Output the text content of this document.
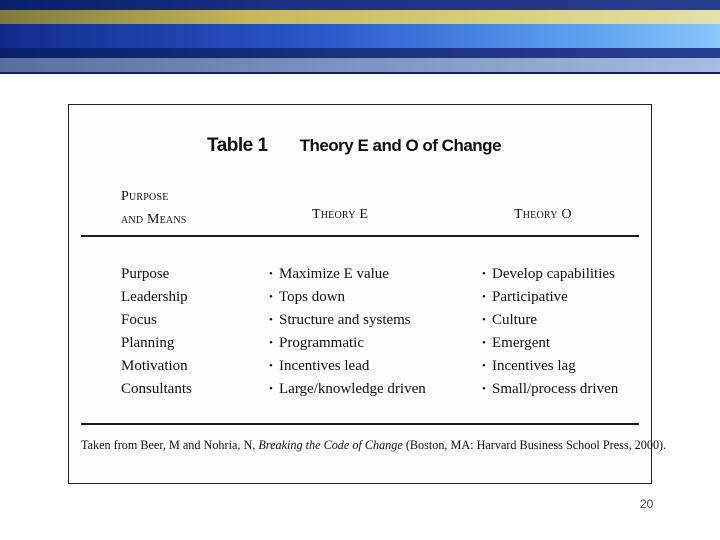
Table 1 Theory E and O of Change
Purpose
and Means	Theory E	Theory O
Purpose
Leadership
Focus
Planning
Motivation
Consultants
• Maximize E value
• Tops down
• Structure and systems
• Programmatic
• Incentives lead
• Large/knowledge driven
• Develop capabilities
• Participative
• Culture
• Emergent
• Incentives lag
• Small/process driven
Taken from Beer, M and Nohria, N, Breaking the Code of Change (Boston, MA: Harvard Business School Press, 2000).
20
